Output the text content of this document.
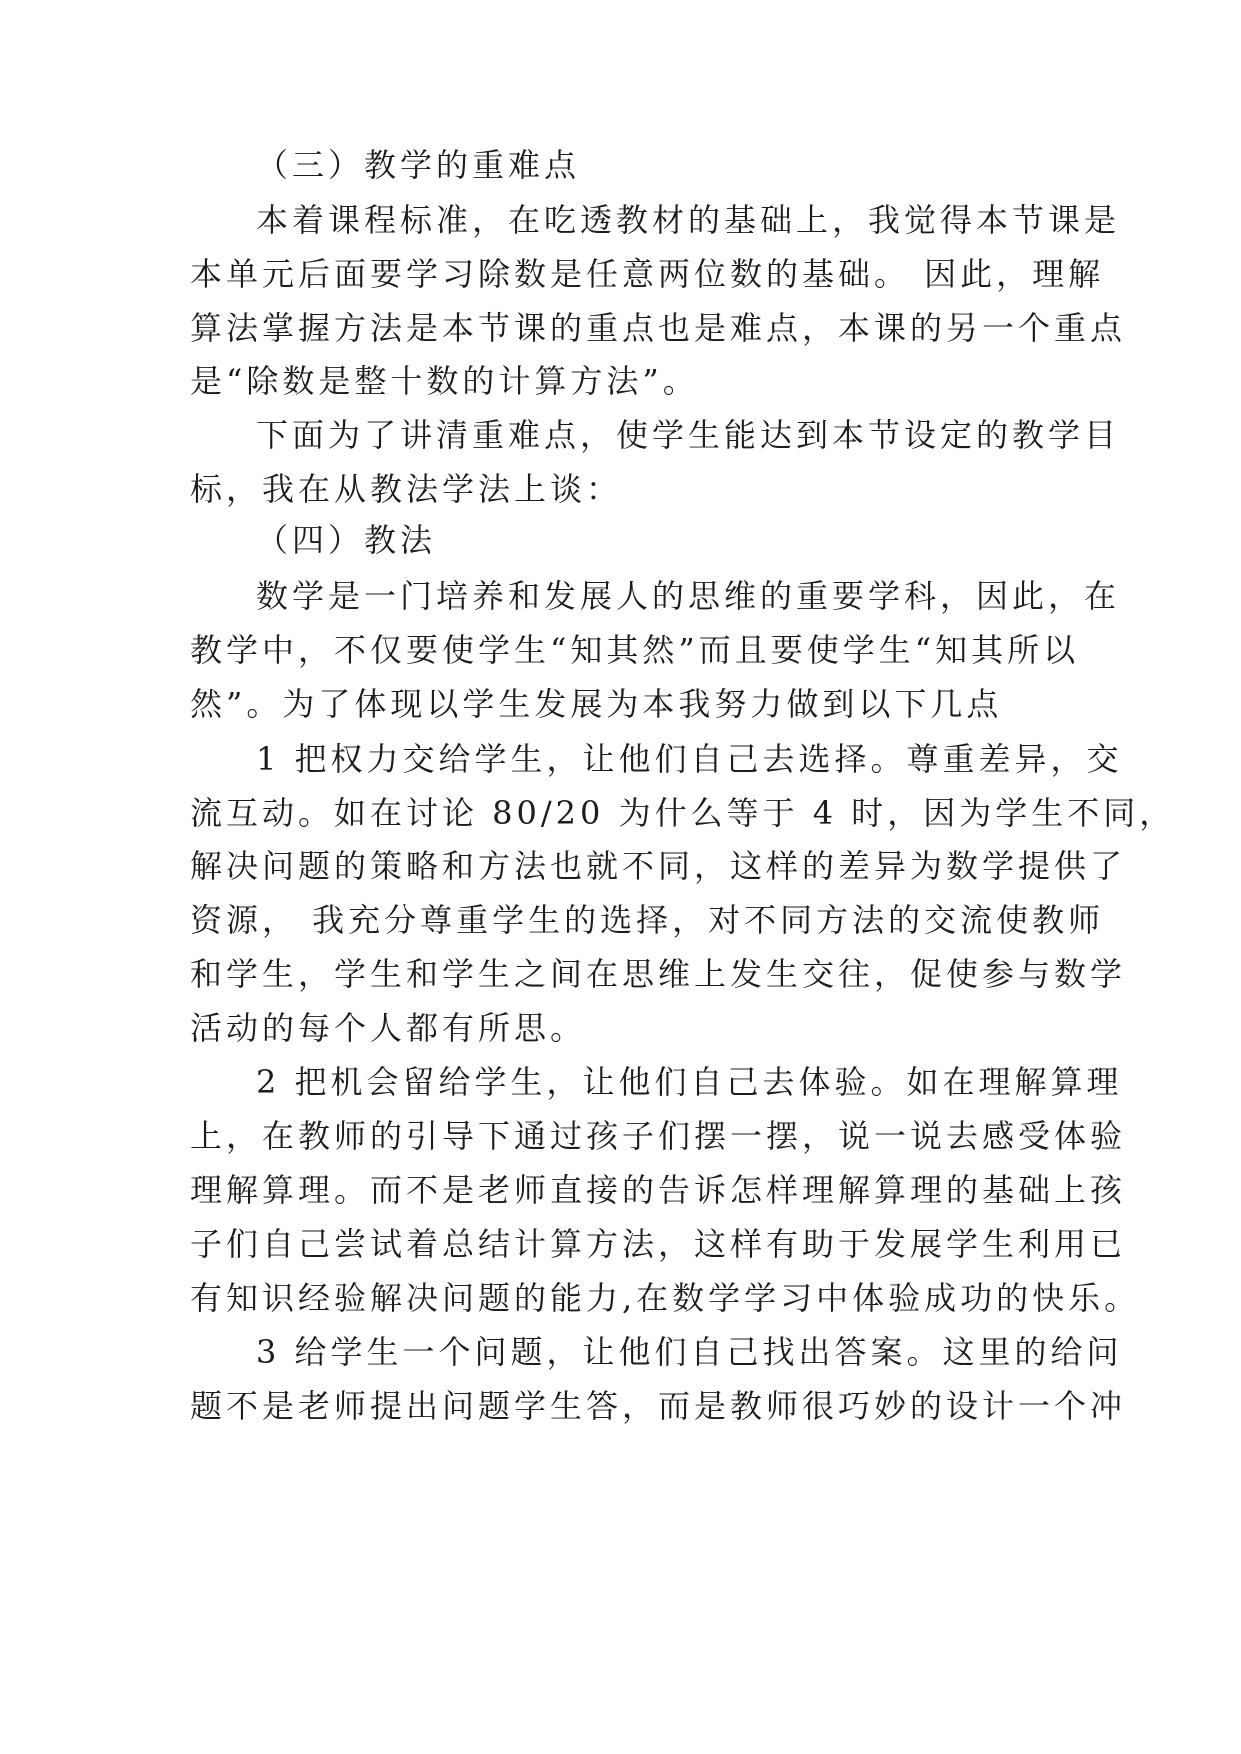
（三）教学的重难点
本着课程标准，在吃透教材的基础上，我觉得本节课是
本单元后面要学习除数是任意两位数的基础。 因此，理解
算法掌握方法是本节课的重点也是难点，本课的另一个重点
是“除数是整十数的计算方法”。
下面为了讲清重难点，使学生能达到本节设定的教学目
标，我在从教法学法上谈：
（四）教法
数学是一门培养和发展人的思维的重要学科，因此，在
教学中，不仅要使学生“知其然”而且要使学生“知其所以
然”。为了体现以学生发展为本我努力做到以下几点
1 把权力交给学生，让他们自己去选择。尊重差异，交
流互动。如在讨论 80/20 为什么等于 4 时，因为学生不同，
解决问题的策略和方法也就不同，这样的差异为数学提供了
资源， 我充分尊重学生的选择，对不同方法的交流使教师
和学生，学生和学生之间在思维上发生交往，促使参与数学
活动的每个人都有所思。
2 把机会留给学生，让他们自己去体验。如在理解算理
上，在教师的引导下通过孩子们摆一摆，说一说去感受体验
理解算理。而不是老师直接的告诉怎样理解算理的基础上孩
子们自己尝试着总结计算方法，这样有助于发展学生利用已
有知识经验解决问题的能力,在数学学习中体验成功的快乐。
3 给学生一个问题，让他们自己找出答案。这里的给问
题不是老师提出问题学生答，而是教师很巧妙的设计一个冲
